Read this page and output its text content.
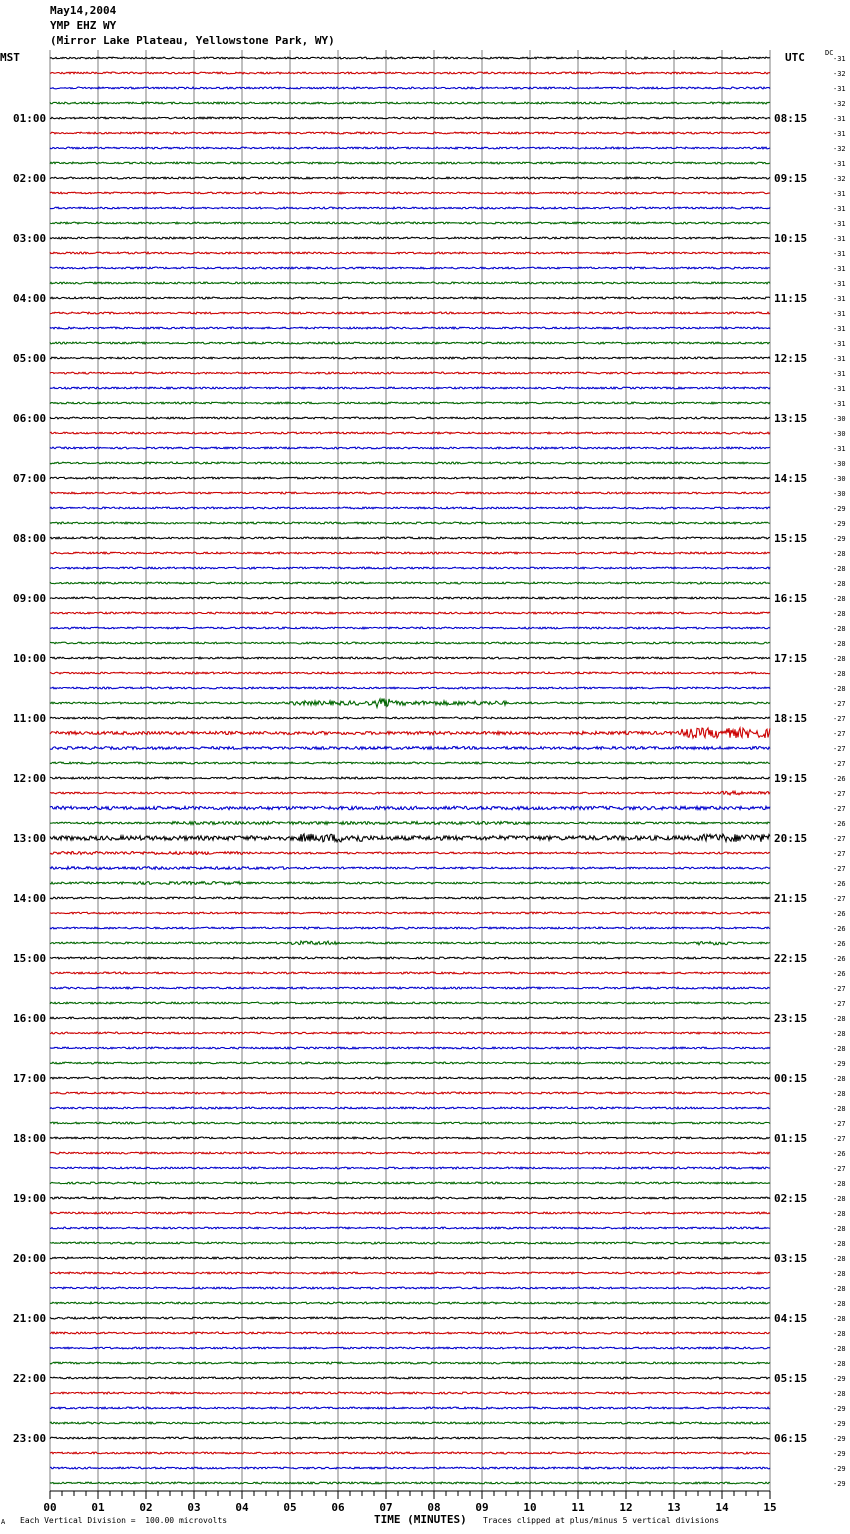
May14,2004
YMP EHZ WY
(Mirror Lake Plateau, Yellowstone Park, WY)
MST	UTC	DC
-31
-32
-31
-32
-31
-31
-32
-31
-32
-31
-31
-31
-31
-31
-31
-31
-31
-31
-31
-31
-31
-31
-31
-31
-30
-30
-31
-30
-30
-30
-29
-29
-29
-28
-28
-28
-28
-28
-28
-28
-28
-28
-28
-27
-27
-27
-27
-27
-26
-27
-27
-26
-27
-27
-27
-26
-27
-26
-26
-26
-26
-26
-27
-27
-28
-28
-28
-29
-28
-28
-28
-27
-27
-26
-27
-28
-28
-28
-28
-28
-28
-28
-28
-28
-28
-28
-28
-28
-29
-28
-29
-29
-29
-29
-29
-29
01:00
02:00
03:00
04:00
05:00
06:00
07:00
08:00
09:00
10:00
11:00
12:00
13:00
14:00
15:00
16:00
17:00
18:00
19:00
20:00
21:00
22:00
23:00
08:15
09:15
10:15
11:15
12:15
13:15
14:15
15:15
16:15
17:15
18:15
19:15
20:15
21:15
22:15
23:15
00:15
01:15
02:15
03:15
04:15
05:15
06:15
00	01	02	03	04	05	06	07	08	09	10	11	12	13	14	15
A Each Vertical Division =  100.00 microvolts	TIME (MINUTES) Traces clipped at plus/minus 5 vertical divisions
